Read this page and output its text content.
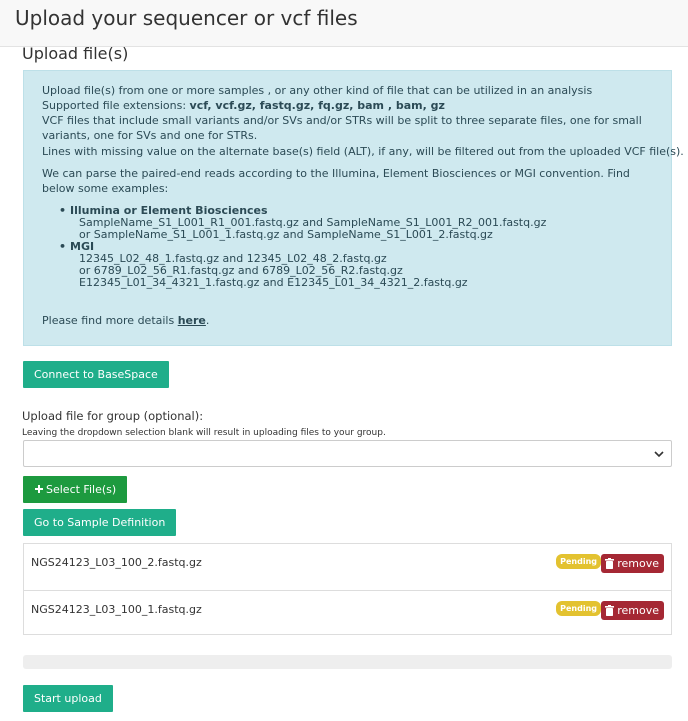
Upload your sequencer or vcf files
Upload file(s)
Upload file(s) from one or more samples , or any other kind of file that can be utilized in an analysis
Supported file extensions: vcf, vcf.gz, fastq.gz, fq.gz, bam , bam, gz
VCF files that include small variants and/or SVs and/or STRs will be split to three separate files, one for small variants, one for SVs and one for STRs.
Lines with missing value on the alternate base(s) field (ALT), if any, will be filtered out from the uploaded VCF file(s).
We can parse the paired-end reads according to the Illumina, Element Biosciences or MGI convention. Find below some examples:
• Illumina or Element Biosciences
SampleName_S1_L001_R1_001.fastq.gz and SampleName_S1_L001_R2_001.fastq.gz
or SampleName_S1_L001_1.fastq.gz and SampleName_S1_L001_2.fastq.gz
• MGI
12345_L02_48_1.fastq.gz and 12345_L02_48_2.fastq.gz
or 6789_L02_56_R1.fastq.gz and 6789_L02_56_R2.fastq.gz
E12345_L01_34_4321_1.fastq.gz and E12345_L01_34_4321_2.fastq.gz
Please find more details here.
Connect to BaseSpace
Upload file for group (optional):
Leaving the dropdown selection blank will result in uploading files to your group.
Select File(s)
Go to Sample Definition
NGS24123_L03_100_2.fastq.gz	Pending	remove
NGS24123_L03_100_1.fastq.gz	Pending	remove
Start upload
